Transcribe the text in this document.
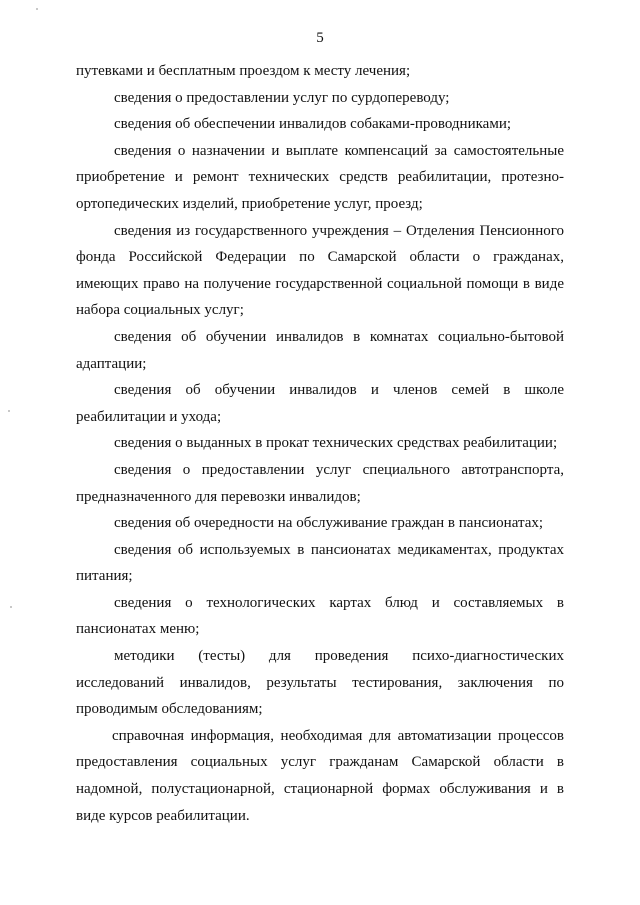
5

путевками и бесплатным проездом к месту лечения;

сведения о предоставлении услуг по сурдопереводу;

сведения об обеспечении инвалидов собаками-проводниками;

сведения о назначении и выплате компенсаций за самостоятельные приобретение и ремонт технических средств реабилитации, протезно-ортопедических изделий, приобретение услуг, проезд;

сведения из государственного учреждения – Отделения Пенсионного фонда Российской Федерации по Самарской области о гражданах, имеющих право на получение государственной социальной помощи в виде набора социальных услуг;

сведения об обучении инвалидов в комнатах социально-бытовой адаптации;

сведения об обучении инвалидов и членов семей в школе реабилитации и ухода;

сведения о выданных в прокат технических средствах реабилитации;

сведения о предоставлении услуг специального автотранспорта, предназначенного для перевозки инвалидов;

сведения об очередности на обслуживание граждан в пансионатах;

сведения об используемых в пансионатах медикаментах, продуктах питания;

сведения о технологических картах блюд и составляемых в пансионатах меню;

методики (тесты) для проведения психо-диагностических исследований инвалидов, результаты тестирования, заключения по проводимым обследованиям;

справочная информация, необходимая для автоматизации процессов предоставления социальных услуг гражданам Самарской области в надомной, полустационарной, стационарной формах обслуживания и в виде курсов реабилитации.
